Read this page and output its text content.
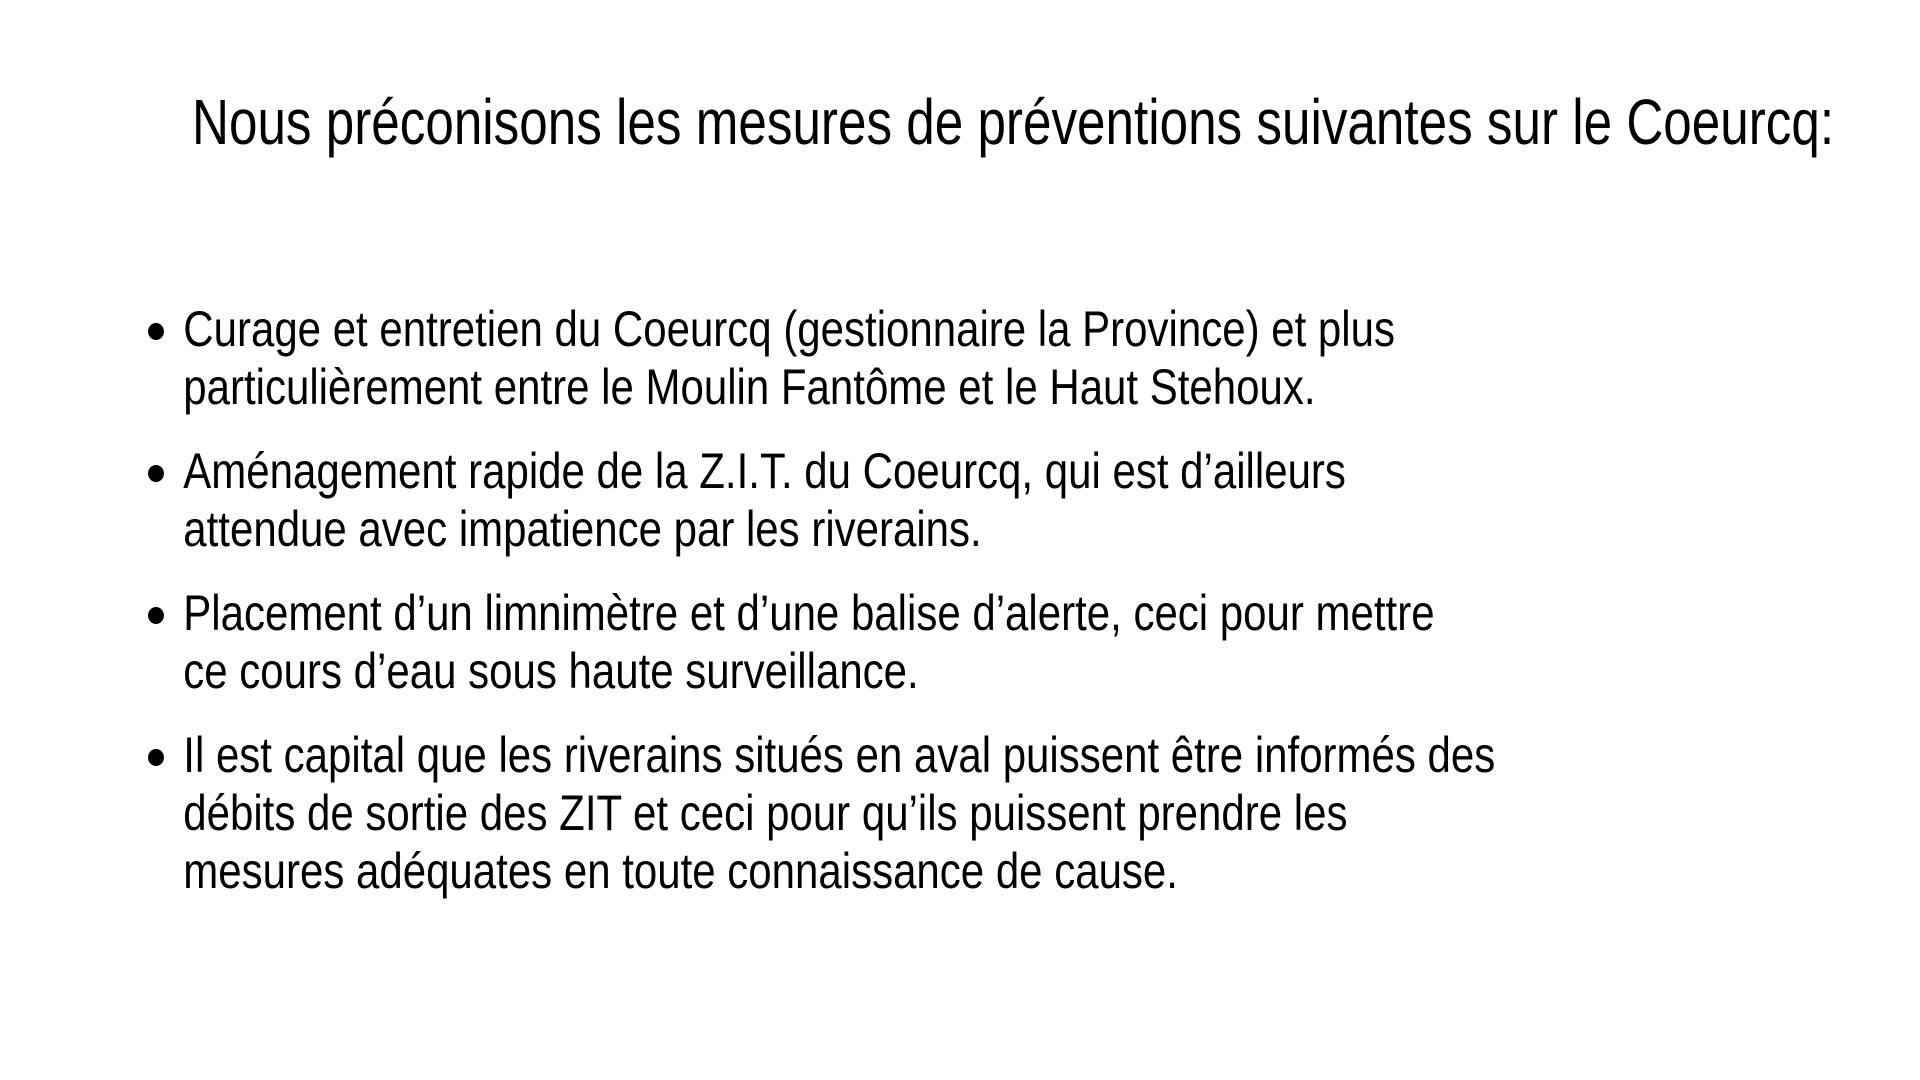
Nous préconisons les mesures de préventions suivantes sur le Coeurcq:
Curage et entretien du Coeurcq (gestionnaire la Province) et plus
particulièrement entre le Moulin Fantôme et le Haut Stehoux.
Aménagement rapide de la Z.I.T. du Coeurcq, qui est d’ailleurs
attendue avec impatience par les riverains.
Placement d’un limnimètre et d’une balise d’alerte, ceci pour mettre
ce cours d’eau sous haute surveillance.
Il est capital que les riverains situés en aval puissent être informés des
débits de sortie des ZIT et ceci pour qu’ils puissent prendre les
mesures adéquates en toute connaissance de cause.
